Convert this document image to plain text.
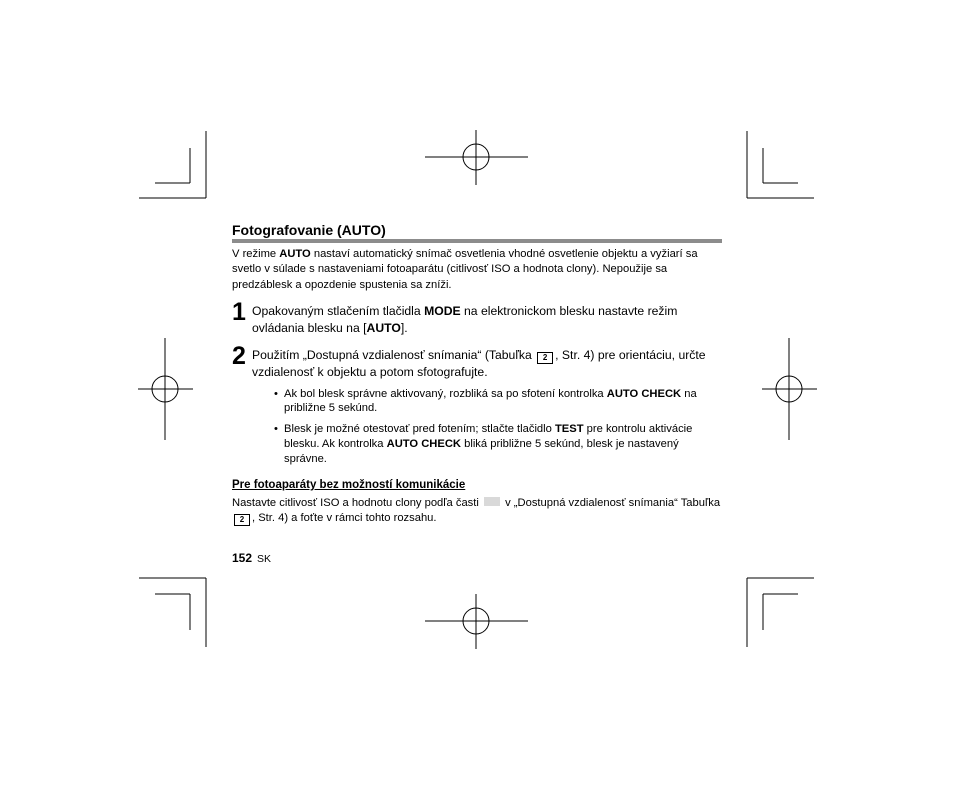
Fotografovanie (AUTO)

V režime AUTO nastaví automatický snímač osvetlenia vhodné osvetlenie objektu a vyžiarí sa svetlo v súlade s nastaveniami fotoaparátu (citlivosť ISO a hodnota clony). Nepoužije sa predzáblesk a opozdenie spustenia sa zníži.

1 Opakovaným stlačením tlačidla MODE na elektronickom blesku nastavte režim ovládania blesku na [AUTO].
2 Použitím „Dostupná vzdialenosť snímania“ (Tabuľka 2 , Str. 4) pre orientáciu, určte vzdialenosť k objektu a potom sfotografujte.
• Ak bol blesk správne aktivovaný, rozbliká sa po sfotení kontrolka AUTO CHECK na približne 5 sekúnd.
• Blesk je možné otestovať pred fotením; stlačte tlačidlo TEST pre kontrolu aktivácie blesku. Ak kontrolka AUTO CHECK bliká približne 5 sekúnd, blesk je nastavený správne.
Pre fotoaparáty bez možností komunikácie

Nastavte citlivosť ISO a hodnotu clony podľa časti  v „Dostupná vzdialenosť snímania“ Tabuľka 2 , Str. 4) a foťte v rámci tohto rozsahu.

152 SK
